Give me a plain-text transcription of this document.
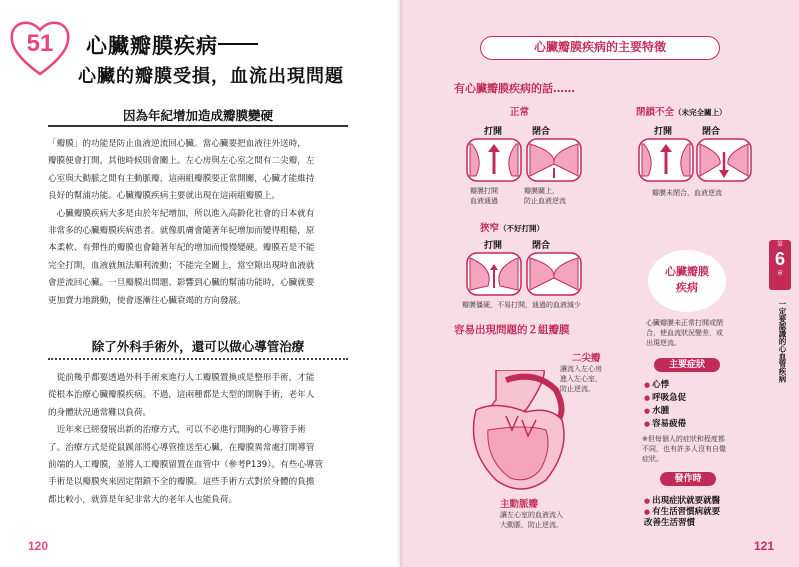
51	心臟瓣膜疾病
心臟的瓣膜受損，血流出現問題
因為年紀增加造成瓣膜變硬

「瓣膜」的功能是防止血液逆流回心臟。當心臟要把血液往外送時，

瓣膜便會打開，其他時候則會關上。左心房與左心室之間有二尖瓣，左

心室與大動脈之間有主動脈瓣，這兩組瓣膜要正常開關，心臟才能維持

良好的幫浦功能。心臟瓣膜疾病主要就出現在這兩組瓣膜上。

　心臟瓣膜疾病大多是由於年紀增加，所以進入高齡化社會的日本就有

非常多的心臟瓣膜疾病患者。就像肌膚會隨著年紀增加而變得粗糙，原

本柔軟、有彈性的瓣膜也會隨著年紀的增加而慢慢變硬。瓣膜若是不能

完全打開，血液就無法順利流動；不能完全關上，當空隙出現時血液就

會逆流回心臟。一旦瓣膜出問題、影響到心臟的幫浦功能時，心臟就要

更加賣力地跳動，使會逐漸往心臟衰竭的方向發展。

除了外科手術外，還可以做心導管治療

　從前幾乎都要透過外科手術來進行人工瓣膜置換或是整形手術，才能

從根本治療心臟瓣膜疾病。不過，這兩種都是大型的開胸手術，老年人

的身體狀況通常難以負荷。

　近年來已經發展出新的治療方式，可以不必進行開胸的心導管手術

了。治療方式是從鼠蹊部將心導管推送至心臟，在瓣膜異常處打開導管

前端的人工瓣膜，並將人工瓣膜留置在血管中（參考P139）。有些心導管

手術是以瓣膜夾來固定閉鎖不全的瓣膜。這些手術方式對於身體的負擔

都比較小，就算是年紀非常大的老年人也能負荷。

120
心臟瓣膜疾病的主要特徵
有心臟瓣膜疾病的話……
正常
打開	閉合
瓣膜打開
血液通過
瓣膜關上，
防止血液逆流
閉鎖不全（未完全關上）
打開	閉合
瓣膜未閉合，血液逆流
狹窄（不好打開）
打開	閉合
瓣膜僵硬，不易打開，通過的血液減少
容易出現問題的２組瓣膜
二尖瓣
讓流入左心房
進入左心室，
防止逆流。
主動脈瓣
讓左心室的血液流入
大動脈，防止逆流。
心臟瓣膜
疾病
心臟瓣膜未正常打開或閉
合，使血流狀況變差，或
出現逆流。
主要症狀
● 心悸
● 呼吸急促
● 水腫
● 容易疲倦
※但每個人的症狀和程度都
不同，也有許多人沒有自覺
症狀。
發作時
● 出現症狀就要就醫
● 有生活習慣病就要
改善生活習慣
第
6
章
一定要認識的心血管疾病
121
